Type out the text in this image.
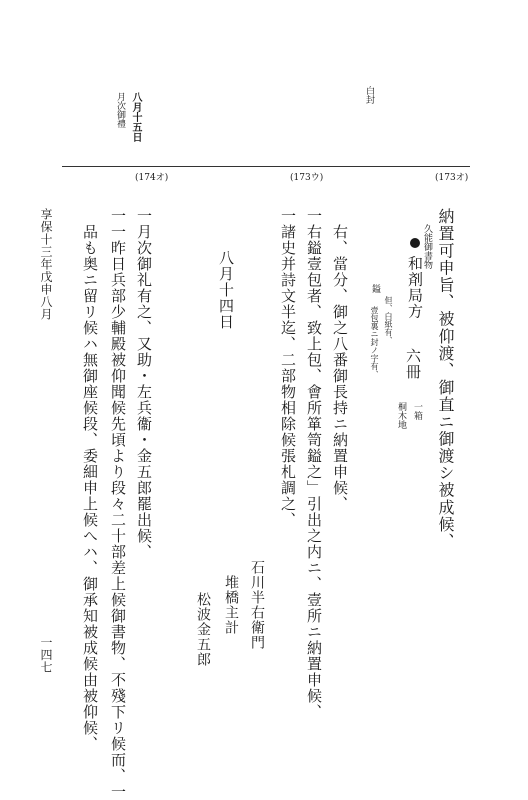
白封
八月十五日
月次御禮
(174オ)	(173ウ)	(173オ)
納置可申旨、被仰渡、御直ニ御渡シ被成候、
久能御書物
和剤局方
六冊
一箱
桐木地
但、白紙有、
鎰
壹包裏ニ封ノ字有、
右、當分、御之八番御長持ニ納置申候、
一右鎰壹包者、致上包、會所箪笥鎰之」引出之内ニ、壹所ニ納置申候、
一諸史并詩文半迄、二部物相除候張札調之、
石川半右衛門
堆橋主計
松波金五郎
八月十四日
一月次御礼有之、又助・左兵衞・金五郎罷出候、
一一昨日兵部少輔殿被仰聞候先頃より段々二十部差上候御書物、不殘下リ候而、一
品も奥ニ留リ候ハ無御座候段、委細申上候へハ、御承知被成候由被仰候、
享保十三年戊申八月
一四七
